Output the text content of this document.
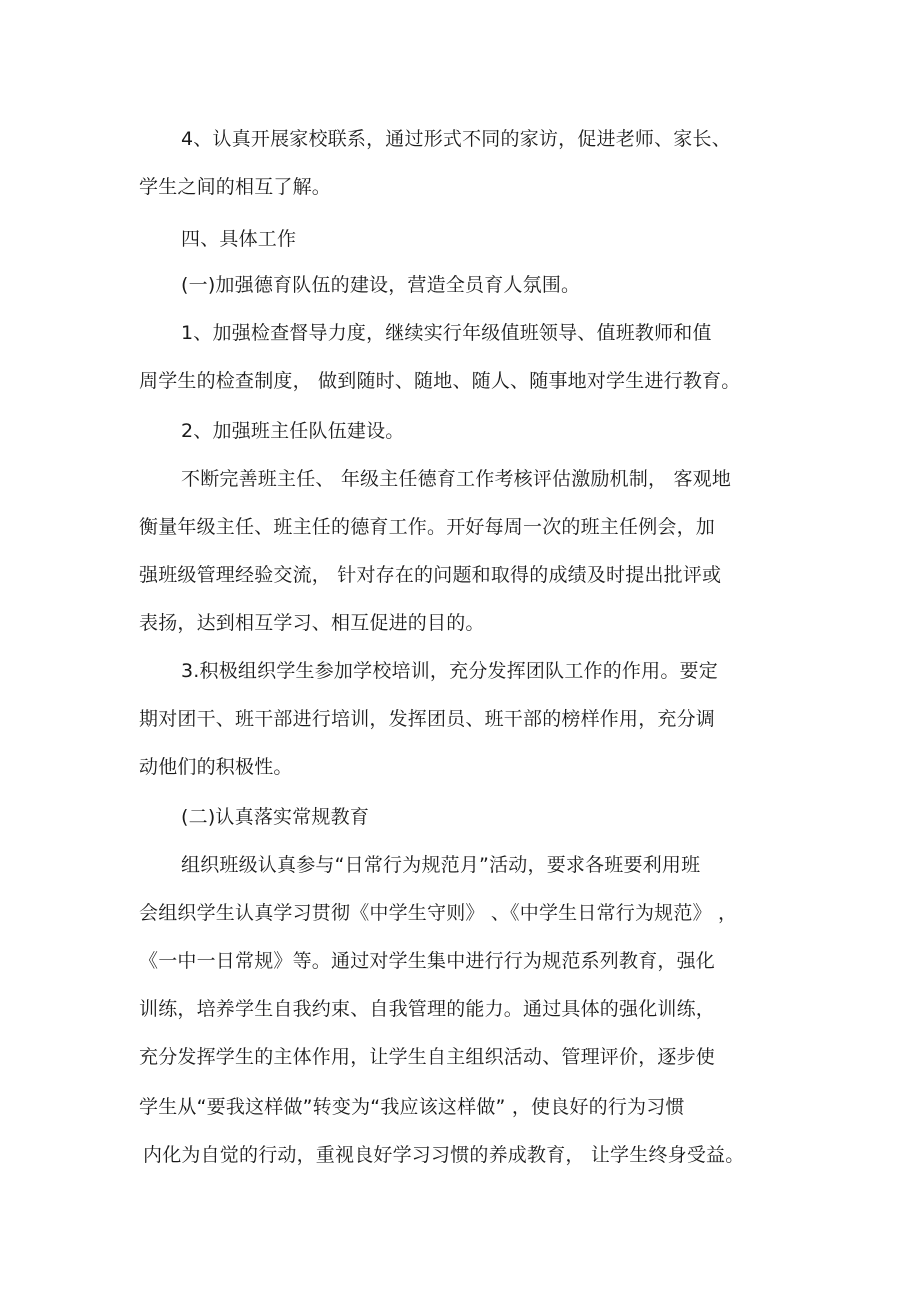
4、认真开展家校联系，通过形式不同的家访，促进老师、家长、
学生之间的相互了解。
四、具体工作
(一)加强德育队伍的建设，营造全员育人氛围。
1、加强检查督导力度，继续实行年级值班领导、值班教师和值
周学生的检查制度， 做到随时、随地、随人、随事地对学生进行教育。
2、加强班主任队伍建设。
不断完善班主任、 年级主任德育工作考核评估激励机制， 客观地
衡量年级主任、班主任的德育工作。开好每周一次的班主任例会，加
强班级管理经验交流， 针对存在的问题和取得的成绩及时提出批评或
表扬，达到相互学习、相互促进的目的。
3.积极组织学生参加学校培训，充分发挥团队工作的作用。要定
期对团干、班干部进行培训，发挥团员、班干部的榜样作用，充分调
动他们的积极性。
(二)认真落实常规教育
组织班级认真参与“日常行为规范月”活动，要求各班要利用班
会组织学生认真学习贯彻《中学生守则》 、《中学生日常行为规范》 ，
《一中一日常规》等。通过对学生集中进行行为规范系列教育，强化
训练，培养学生自我约束、自我管理的能力。通过具体的强化训练，
充分发挥学生的主体作用，让学生自主组织活动、管理评价，逐步使
学生从“要我这样做”转变为“我应该这样做” ，使良好的行为习惯
内化为自觉的行动，重视良好学习习惯的养成教育， 让学生终身受益。
